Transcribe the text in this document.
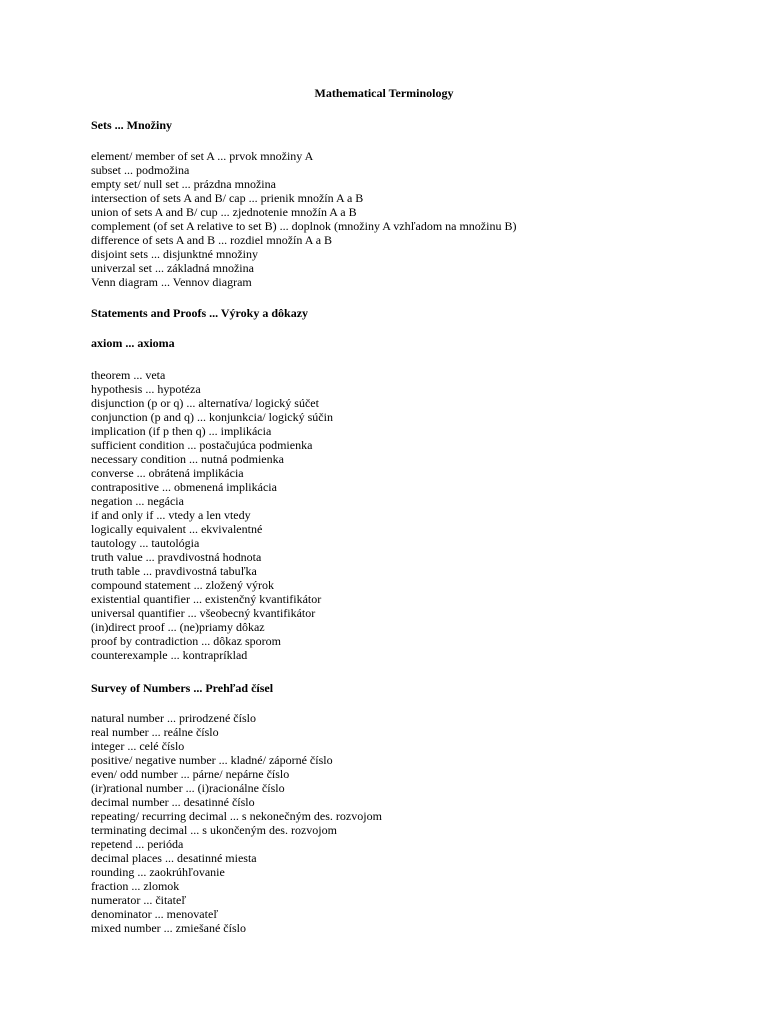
Mathematical Terminology
Sets ... Množiny
element/ member of set A ... prvok množiny A
subset ... podmožina
empty set/ null set ... prázdna množina
intersection of sets A and B/ cap ... prienik množín A a B
union of sets A and B/ cup ... zjednotenie množín A a B
complement (of set A relative to set B) ... doplnok (množiny A vzhľadom na množinu B)
difference of sets A and B ... rozdiel množín A a B
disjoint sets ... disjunktné množiny
univerzal set ... základná množina
Venn diagram ... Vennov diagram
Statements and Proofs ... Výroky a dôkazy
axiom ... axioma
theorem ... veta
hypothesis ... hypotéza
disjunction (p or q) ... alternatíva/ logický súčet
conjunction (p and q) ... konjunkcia/ logický súčin
implication (if p then q) ... implikácia
sufficient condition ... postačujúca podmienka
necessary condition ... nutná podmienka
converse ... obrátená implikácia
contrapositive ... obmenená implikácia
negation ... negácia
if and only if ... vtedy a len vtedy
logically equivalent ... ekvivalentné
tautology ... tautológia
truth value ... pravdivostná hodnota
truth table ... pravdivostná tabuľka
compound statement ... zložený výrok
existential quantifier ... existenčný kvantifikátor
universal quantifier ... všeobecný kvantifikátor
(in)direct proof ... (ne)priamy dôkaz
proof by contradiction ... dôkaz sporom
counterexample ... kontrapríklad
Survey of Numbers ... Prehľad čísel
natural number ... prirodzené číslo
real number ... reálne číslo
integer ... celé číslo
positive/ negative number ... kladné/ záporné číslo
even/ odd number ... párne/ nepárne číslo
(ir)rational number ... (i)racionálne číslo
decimal number ... desatinné číslo
repeating/ recurring decimal ... s nekonečným des. rozvojom
terminating decimal ... s ukončeným des. rozvojom
repetend ... perióda
decimal places ... desatinné miesta
rounding ... zaokrúhľovanie
fraction ... zlomok
numerator ... čitateľ
denominator ... menovateľ
mixed number ... zmiešané číslo
